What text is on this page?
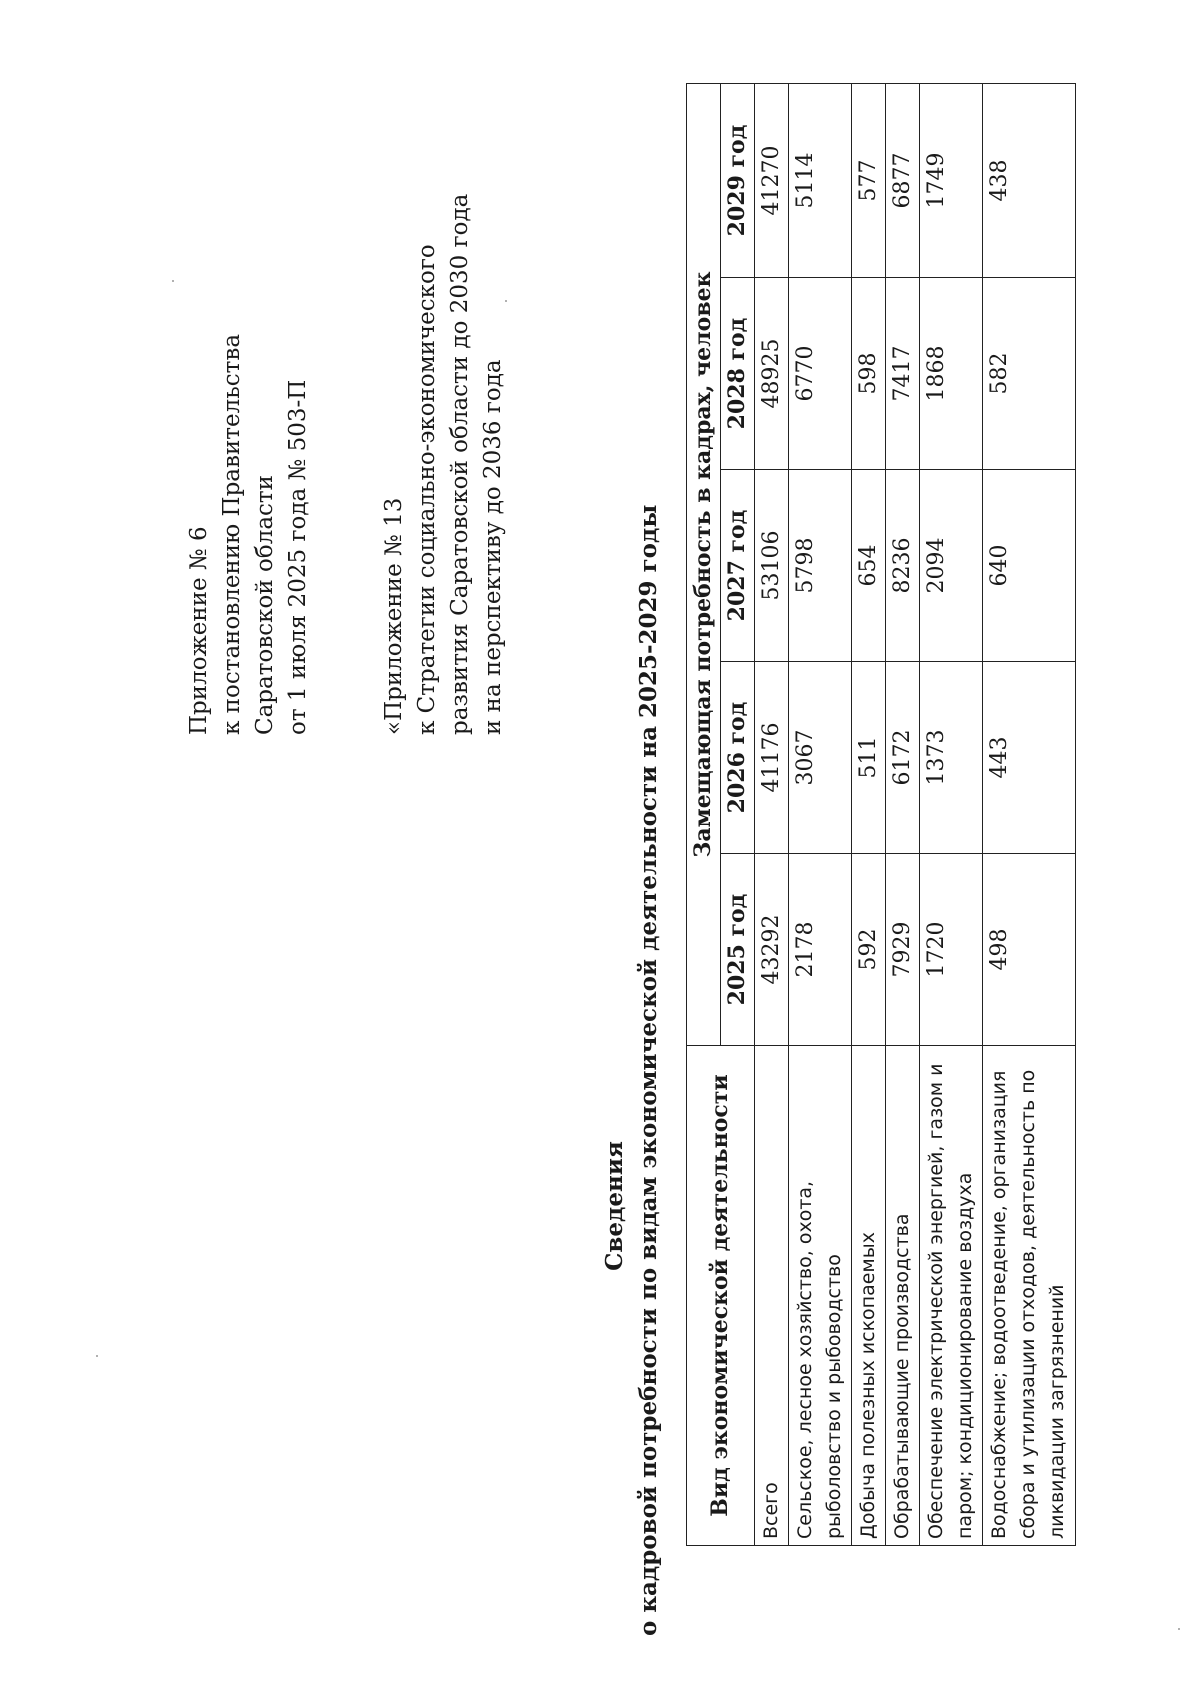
Приложение № 6 к постановлению Правительства Саратовской области от 1 июля 2025 года № 503-П	«Приложение № 13 к Стратегии социально-экономического развития Саратовской области до 2030 года и на перспективу до 2036 года
Сведения о кадровой потребности по видам экономической деятельности на 2025-2029 годы Вид экономической деятельности	Замещающая потребность в кадрах, человек				
	2025 год	2026 год	2027 год	2028 год	2029 год
Всего	43292	41176	53106	48925	41270
Сельское, лесное хозяйство, охота, рыболовство и рыбоводство	2178	3067	5798	6770	5114
Добыча полезных ископаемых	592	511	654	598	577
Обрабатывающие производства	7929	6172	8236	7417	6877
Обеспечение электрической энергией, газом и паром; кондиционирование воздуха	1720	1373	2094	1868	1749
Водоснабжение; водоотведение, организация сбора и утилизации отходов, деятельность по ликвидации загрязнений	498	443	640	582	438
